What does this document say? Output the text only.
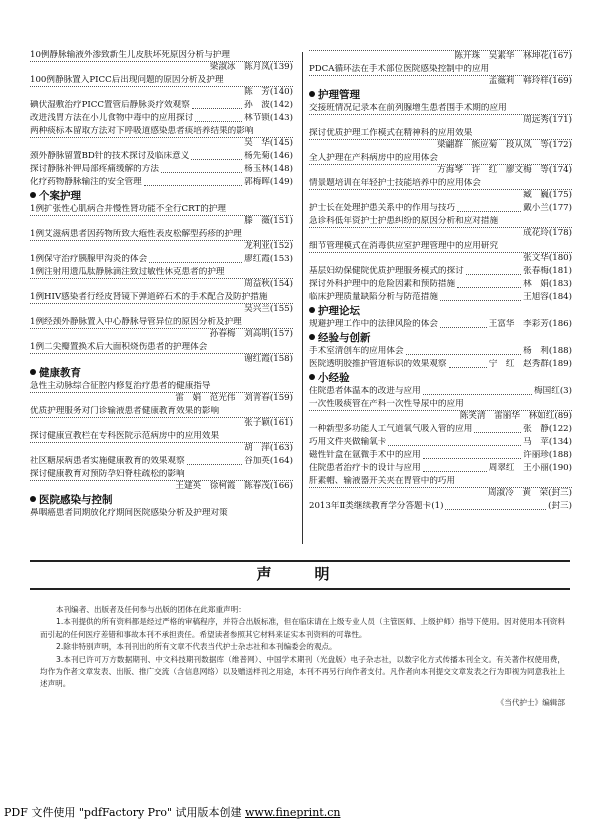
10例静脉输液外渗致新生儿皮肤坏死原因分析与护理
梁淑冰　陈月凤(139)
100例静脉置入PICC后出现问题的原因分析及护理
陈　芳(140)
碘伏湿敷治疗PICC置管后静脉炎疗效观察	孙　波(142)
改进浅胃方法在小儿食物中毒中的应用探讨	林节锁(143)
两种痰标本留取方法对下呼吸道感染患者痰培养结果的影响
吴　华(145)
颈外静脉留置BD针的技术探讨及临床意义	杨先菊(146)
探讨静脉补钾局部疼痛缓解的方法	杨玉林(148)
化疗药物静脉输注的安全管理	郭梅晖(149)
个案护理
1例扩张性心肌病合并慢性肾功能不全行CRT的护理
滕　薇(151)
1例艾滋病患者因药物所致大疱性表皮松解型药疹的护理
龙利亚(152)
1例保守治疗胰腺甲沟炎的体会	廖红霞(153)
1例注射用遗瓜肽静脉滴注致过敏性休克患者的护理
周益秋(154)
1例HIV感染者行经皮肾镜下弹道碎石术的手术配合及防护措施
吴兴兰(155)
1例经颈外静脉置入中心静脉导管异位的原因分析及护理
孙春梅　刘高明(157)
1例二尖瓣置换术后大面积烧伤患者的护理体会
谢红霞(158)
健康教育
急性主动脉综合征腔内修复治疗患者的健康指导
雷　娟　范光伟　刘青春(159)
优质护理服务对门诊输液患者健康教育效果的影响
张子颖(161)
探讨健康宣教栏在专科医院示范病房中的应用效果
胡　萍(163)
社区糖尿病患者实施健康教育的效果观察	谷加英(164)
探讨健康教育对预防孕妇脊柱疏松的影响
王建英　徐柯霞　陈春茂(166)
医院感染与控制
鼻咽癌患者同期放化疗期间医院感染分析及护理对策
陈开珠　吴素华　林坤花(167)
PDCA循环法在手术部位医院感染控制中的应用
孟薇莉　韩玲样(169)
护理管理
交接班情况记录本在前列腺增生患者围手术期的应用
周远秀(171)
探讨优质护理工作模式在精神科的应用效果
梁翩群　熊应菊　段从凤　等(172)
全人护理在产科病房中的应用体会
方海琴　许　红　廖文梅　等(174)
情景题培训在年轻护士技能培养中的应用体会
臧　巍(175)
护士长在处理护患关系中的作用与技巧	戴小兰(177)
急诊科低年资护士护患纠纷的原因分析和应对措施
成花玲(178)
细节管理模式在消毒供应室护理管理中的应用研究
张文华(180)
基层妇幼保健院优质护理服务模式的探讨	张春梅(181)
探讨外科护理中的危险因素和预防措施	林　娟(183)
临床护理质量缺陷分析与防范措施	王旭容(184)
护理论坛
规避护理工作中的法律风险的体会	王富华　李彩芳(186)
经验与创新
手术室清创车的应用体会	杨　利(188)
医院透明胶推护管道标识的效果观察	宁　红　赵秀群(189)
小经验
住院患者体温本的改进与应用	梅国红(3)
一次性吸痰管在产科一次性导尿中的应用
陈笑清　雷丽华　林如红(89)
一种新型多功能人工气道氧气吸入管的应用	张　静(122)
巧用文件夹做输氧卡	马　苹(134)
磁性针盒在氩微手术中的应用	许丽珍(188)
住院患者治疗卡的设计与应用	周翠红　王小丽(190)
肝素帽、输液器开关夹在胃管中的巧用
周淑冷　黄　荣(封三)
2013年Ⅱ类继续教育学分答题卡(1)	(封三)
声　明

本刊编者、出版者及任何参与出版的团体在此郑重声明：

1.本刊提供的所有资料都是经过严格的审稿程序，并符合出版标准，但在临床请在上级专业人员（主管医师、上级护师）指导下使用。因对使用本刊资料而引起的任何医疗差错和事故本刊不承担责任。希望读者参照其它材料来证实本刊资料的可靠性。

2.除非特别声明，本刊刊出的所有文章不代表当代护士杂志社和本刊编委会的观点。

3.本刊已许可万方数据期刊、中文科技期刊数据库（维普网）、中国学术期刊（光盘版）电子杂志社，以数字化方式传播本刊全文。有关著作权使用费，均作为作者文章发表、出版、推广交流（含信息网络）以及赠送样刊之用途，本刊不再另行向作者支付。凡作者向本刊提交文章发表之行为即视为同意我社上述声明。

《当代护士》编辑部

PDF 文件使用 "pdfFactory Pro" 试用版本创建 www.fineprint.cn
